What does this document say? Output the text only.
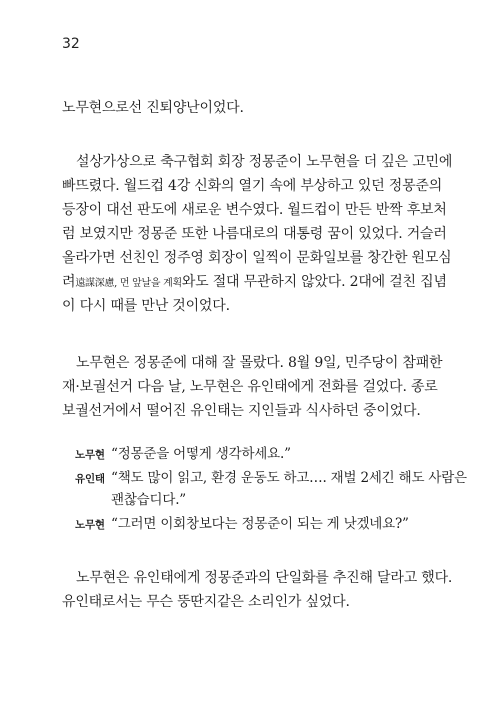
32
노무현으로선 진퇴양난이었다.
설상가상으로 축구협회 회장 정몽준이 노무현을 더 깊은 고민에
빠뜨렸다. 월드컵 4강 신화의 열기 속에 부상하고 있던 정몽준의
등장이 대선 판도에 새로운 변수였다. 월드컵이 만든 반짝 후보처
럼 보였지만 정몽준 또한 나름대로의 대통령 꿈이 있었다. 거슬러
올라가면 선친인 정주영 회장이 일찍이 문화일보를 창간한 원모심
려遠謀深慮, 먼 앞날을 계획와도 절대 무관하지 않았다. 2대에 걸친 집념
이 다시 때를 만난 것이었다.
노무현은 정몽준에 대해 잘 몰랐다. 8월 9일, 민주당이 참패한
재·보궐선거 다음 날, 노무현은 유인태에게 전화를 걸었다. 종로
보궐선거에서 떨어진 유인태는 지인들과 식사하던 중이었다.
노무현 “정몽준을 어떻게 생각하세요.”
유인태 “책도 많이 읽고, 환경 운동도 하고…. 재벌 2세긴 해도 사람은
괜찮습디다.”
노무현 “그러면 이회창보다는 정몽준이 되는 게 낫겠네요?”
노무현은 유인태에게 정몽준과의 단일화를 추진해 달라고 했다.
유인태로서는 무슨 뚱딴지같은 소리인가 싶었다.
